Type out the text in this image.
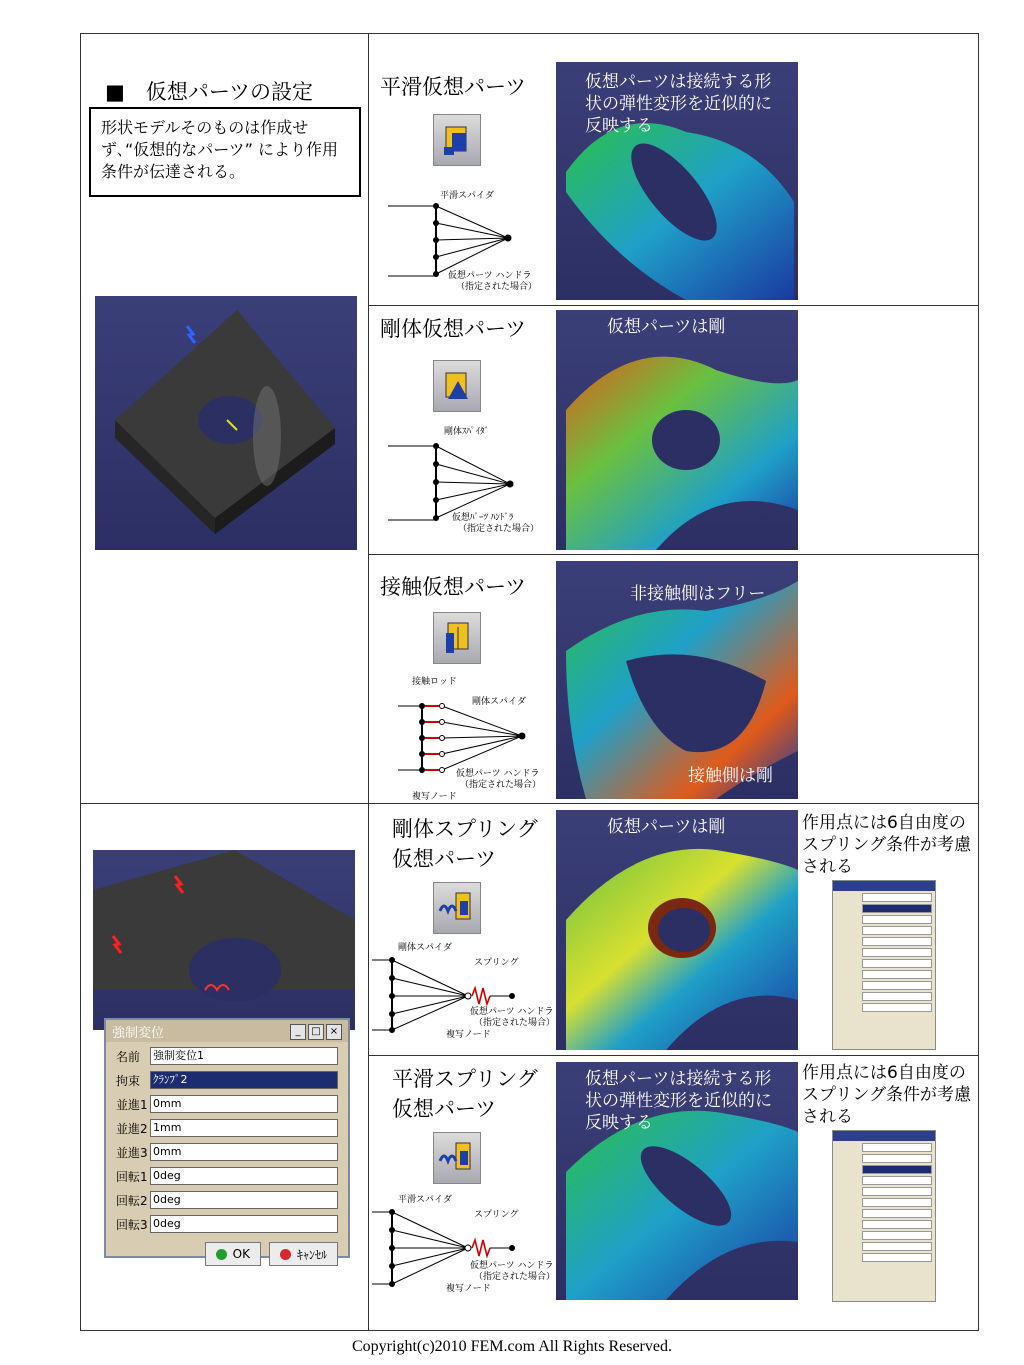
■　仮想パーツの設定
形状モデルそのものは作成せず､“仮想的なパーツ” により作用条件が伝達される。
強制変位	_ □ ×
名前	強制変位1
拘束	ｸﾗﾝﾌﾟ2
並進1 0mm
並進2 1mm
並進3 0mm
回転1 0deg
回転2 0deg
回転3 0deg
OK	ｷｬﾝｾﾙ
平滑仮想パーツ
平滑スパイダ
仮想パーツ ハンドラ
（指定された場合）
仮想パーツは接続する形状の弾性変形を近似的に反映する
剛体仮想パーツ
剛体ｽﾊﾟｲﾀﾞ
仮想ﾊﾟｰﾂ ﾊﾝﾄﾞﾗ
（指定された場合）
仮想パーツは剛
接触仮想パーツ
接触ロッド
剛体スパイダ
仮想パーツ ハンドラ
（指定された場合）
複写ノード
非接触側はフリー
接触側は剛
剛体スプリング
仮想パーツ
剛体スパイダ
スプリング
仮想パーツ ハンドラ
（指定された場合）
複写ノード
仮想パーツは剛	作用点には6自由度のスプリング条件が考慮される
平滑スプリング
仮想パーツ
平滑スパイダ
スプリング
仮想パーツ ハンドラ
（指定された場合）
複写ノード
仮想パーツは接続する形状の弾性変形を近似的に反映する
作用点には6自由度のスプリング条件が考慮される
Copyright(c)2010 FEM.com All Rights Reserved.
